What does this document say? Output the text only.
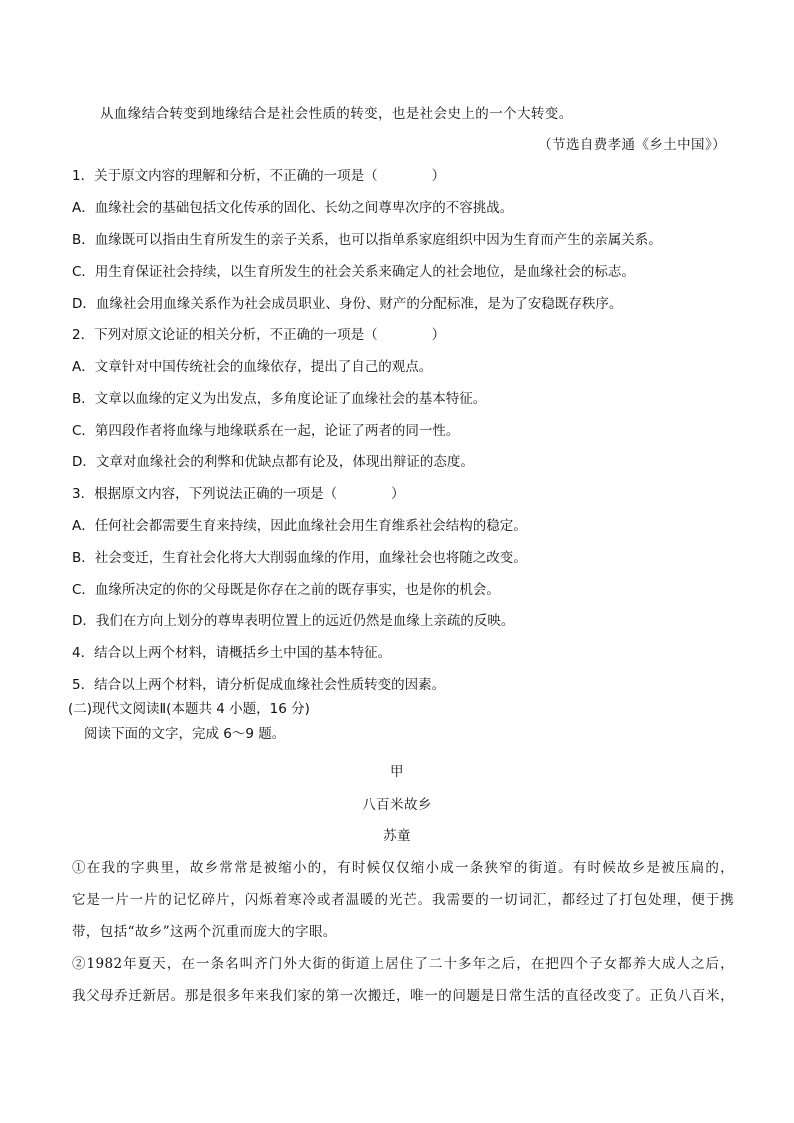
从血缘结合转变到地缘结合是社会性质的转变，也是社会史上的一个大转变。
（节选自费孝通《乡土中国》）
1．关于原文内容的理解和分析，不正确的一项是（　　　　）
A．血缘社会的基础包括文化传承的固化、长幼之间尊卑次序的不容挑战。
B．血缘既可以指由生育所发生的亲子关系，也可以指单系家庭组织中因为生育而产生的亲属关系。
C．用生育保证社会持续，以生育所发生的社会关系来确定人的社会地位，是血缘社会的标志。
D．血缘社会用血缘关系作为社会成员职业、身份、财产的分配标准，是为了安稳既存秩序。
2．下列对原文论证的相关分析，不正确的一项是（　　　　）
A．文章针对中国传统社会的血缘依存，提出了自己的观点。
B．文章以血缘的定义为出发点，多角度论证了血缘社会的基本特征。
C．第四段作者将血缘与地缘联系在一起，论证了两者的同一性。
D．文章对血缘社会的利弊和优缺点都有论及，体现出辩证的态度。
3．根据原文内容，下列说法正确的一项是（　　　　）
A．任何社会都需要生育来持续，因此血缘社会用生育维系社会结构的稳定。
B．社会变迁，生育社会化将大大削弱血缘的作用，血缘社会也将随之改变。
C．血缘所决定的你的父母既是你存在之前的既存事实，也是你的机会。
D．我们在方向上划分的尊卑表明位置上的远近仍然是血缘上亲疏的反映。
4．结合以上两个材料，请概括乡土中国的基本特征。
5．结合以上两个材料，请分析促成血缘社会性质转变的因素。
(二)现代文阅读Ⅱ(本题共 4 小题，16 分)
阅读下面的文字，完成 6～9 题。
甲
八百米故乡
苏童
①在我的字典里，故乡常常是被缩小的，有时候仅仅缩小成一条狭窄的街道。有时候故乡是被压扁的，
它是一片一片的记忆碎片，闪烁着寒冷或者温暖的光芒。我需要的一切词汇，都经过了打包处理，便于携
带，包括“故乡”这两个沉重而庞大的字眼。
②1982年夏天，在一条名叫齐门外大街的街道上居住了二十多年之后，在把四个子女都养大成人之后，
我父母乔迁新居。那是很多年来我们家的第一次搬迁，唯一的问题是日常生活的直径改变了。正负八百米，
